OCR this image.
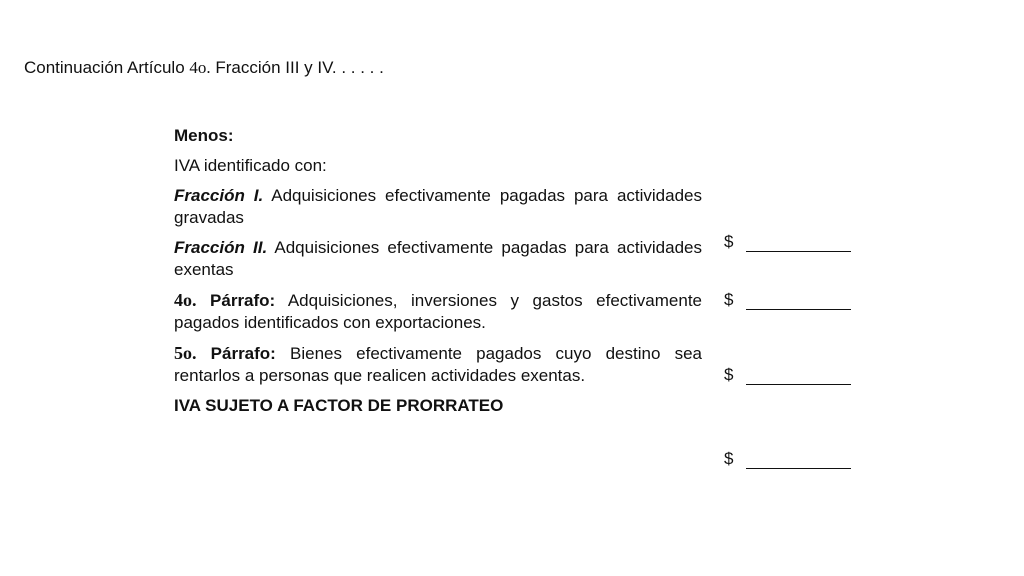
Continuación Artículo 4o. Fracción III y IV. . . . . .

Menos:

IVA identificado con:

Fracción I. Adquisiciones efectivamente pagadas para actividades gravadas

Fracción II. Adquisiciones efectivamente pagadas para actividades exentas

4o. Párrafo: Adquisiciones, inversiones y gastos efectivamente pagados identificados con exportaciones.

5o. Párrafo: Bienes efectivamente pagados cuyo destino sea rentarlos a personas que realicen actividades exentas.

IVA SUJETO A FACTOR DE PRORRATEO

$
$
$
$
